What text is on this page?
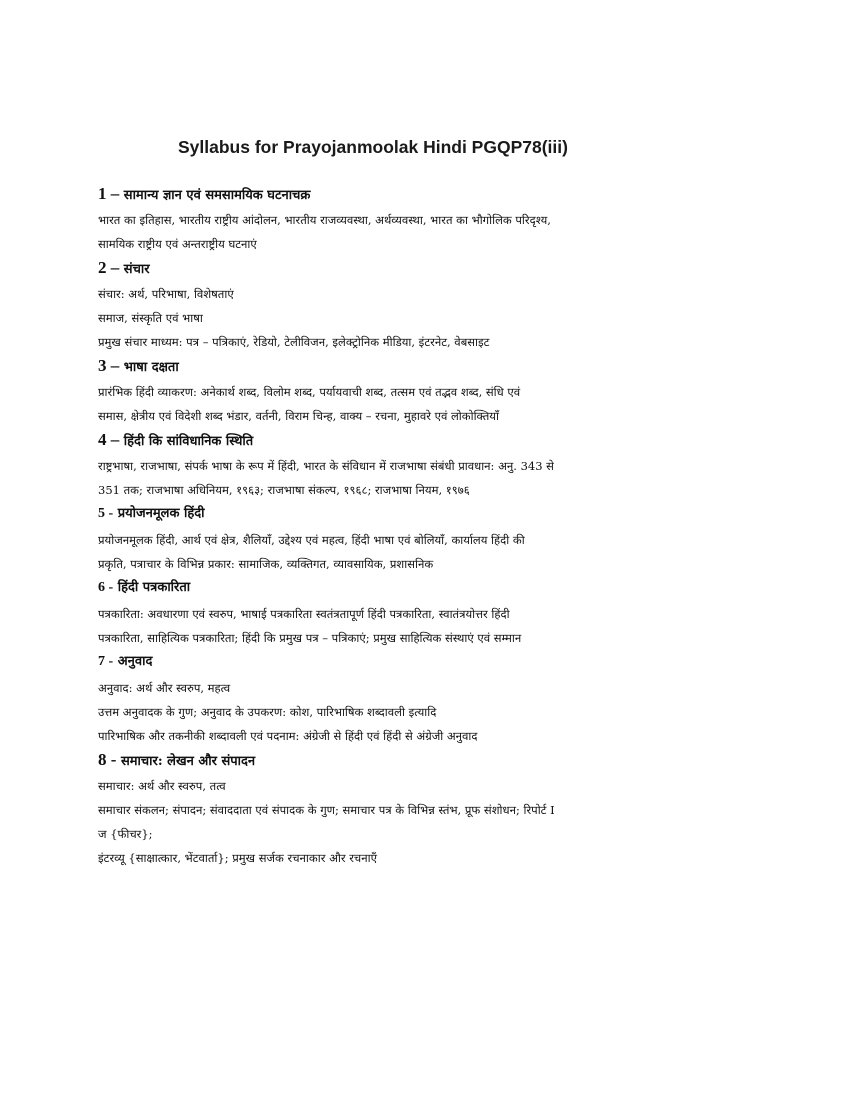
Syllabus for Prayojanmoolak Hindi PGQP78(iii)
1 – सामान्य ज्ञान एवं समसामयिक घटनाचक्र
भारत का इतिहास, भारतीय राष्ट्रीय आंदोलन, भारतीय राजव्यवस्था, अर्थव्यवस्था, भारत का भौगोलिक परिदृश्य,
सामयिक राष्ट्रीय एवं अन्तराष्ट्रीय घटनाएं
2 – संचार
संचार: अर्थ, परिभाषा, विशेषताएं
समाज, संस्कृति एवं भाषा
प्रमुख संचार माध्यम: पत्र – पत्रिकाएं, रेडियो, टेलीविजन, इलेक्ट्रोनिक मीडिया, इंटरनेट, वेबसाइट
3 – भाषा दक्षता
प्रारंभिक हिंदी व्याकरण: अनेकार्थ शब्द, विलोम शब्द, पर्यायवाची शब्द, तत्सम एवं तद्भव शब्द, संधि एवं
समास, क्षेत्रीय एवं विदेशी शब्द भंडार, वर्तनी, विराम चिन्ह, वाक्य – रचना, मुहावरे एवं लोकोक्तियाँ
4 – हिंदी कि सांविधानिक स्थिति
राष्ट्रभाषा, राजभाषा, संपर्क भाषा के रूप में हिंदी, भारत के संविधान में राजभाषा संबंधी प्रावधान: अनु. 343 से
351 तक; राजभाषा अधिनियम, १९६३; राजभाषा संकल्प, १९६८; राजभाषा नियम, १९७६
5 - प्रयोजनमूलक हिंदी
प्रयोजनमूलक हिंदी, आर्थ एवं क्षेत्र, शैलियाँ, उद्देश्य एवं महत्व, हिंदी भाषा एवं बोलियाँ, कार्यालय हिंदी की
प्रकृति, पत्राचार के विभिन्न प्रकार: सामाजिक, व्यक्तिगत, व्यावसायिक, प्रशासनिक
6 - हिंदी पत्रकारिता
पत्रकारिता: अवधारणा एवं स्वरुप, भाषाई पत्रकारिता स्वतंत्रतापूर्ण हिंदी पत्रकारिता, स्वातंत्रयोत्तर हिंदी
पत्रकारिता, साहित्यिक पत्रकारिता; हिंदी कि प्रमुख पत्र – पत्रिकाएं; प्रमुख साहित्यिक संस्थाएं एवं सम्मान
7 - अनुवाद
अनुवाद: अर्थ और स्वरुप, महत्व
उत्तम अनुवादक के गुण; अनुवाद के उपकरण: कोश, पारिभाषिक शब्दावली इत्यादि
पारिभाषिक और तकनीकी शब्दावली एवं पदनाम: अंग्रेजी से हिंदी एवं हिंदी से अंग्रेजी अनुवाद
8 - समाचार: लेखन और संपादन
समाचार: अर्थ और स्वरुप, तत्व
समाचार संकलन; संपादन; संवाददाता एवं संपादक के गुण; समाचार पत्र के विभिन्न स्तंभ, प्रूफ संशोधन; रिपोर्ट I
ज {फीचर};
इंटरव्यू {साक्षात्कार, भेंटवार्ता}; प्रमुख सर्जक रचनाकार और रचनाएँ
